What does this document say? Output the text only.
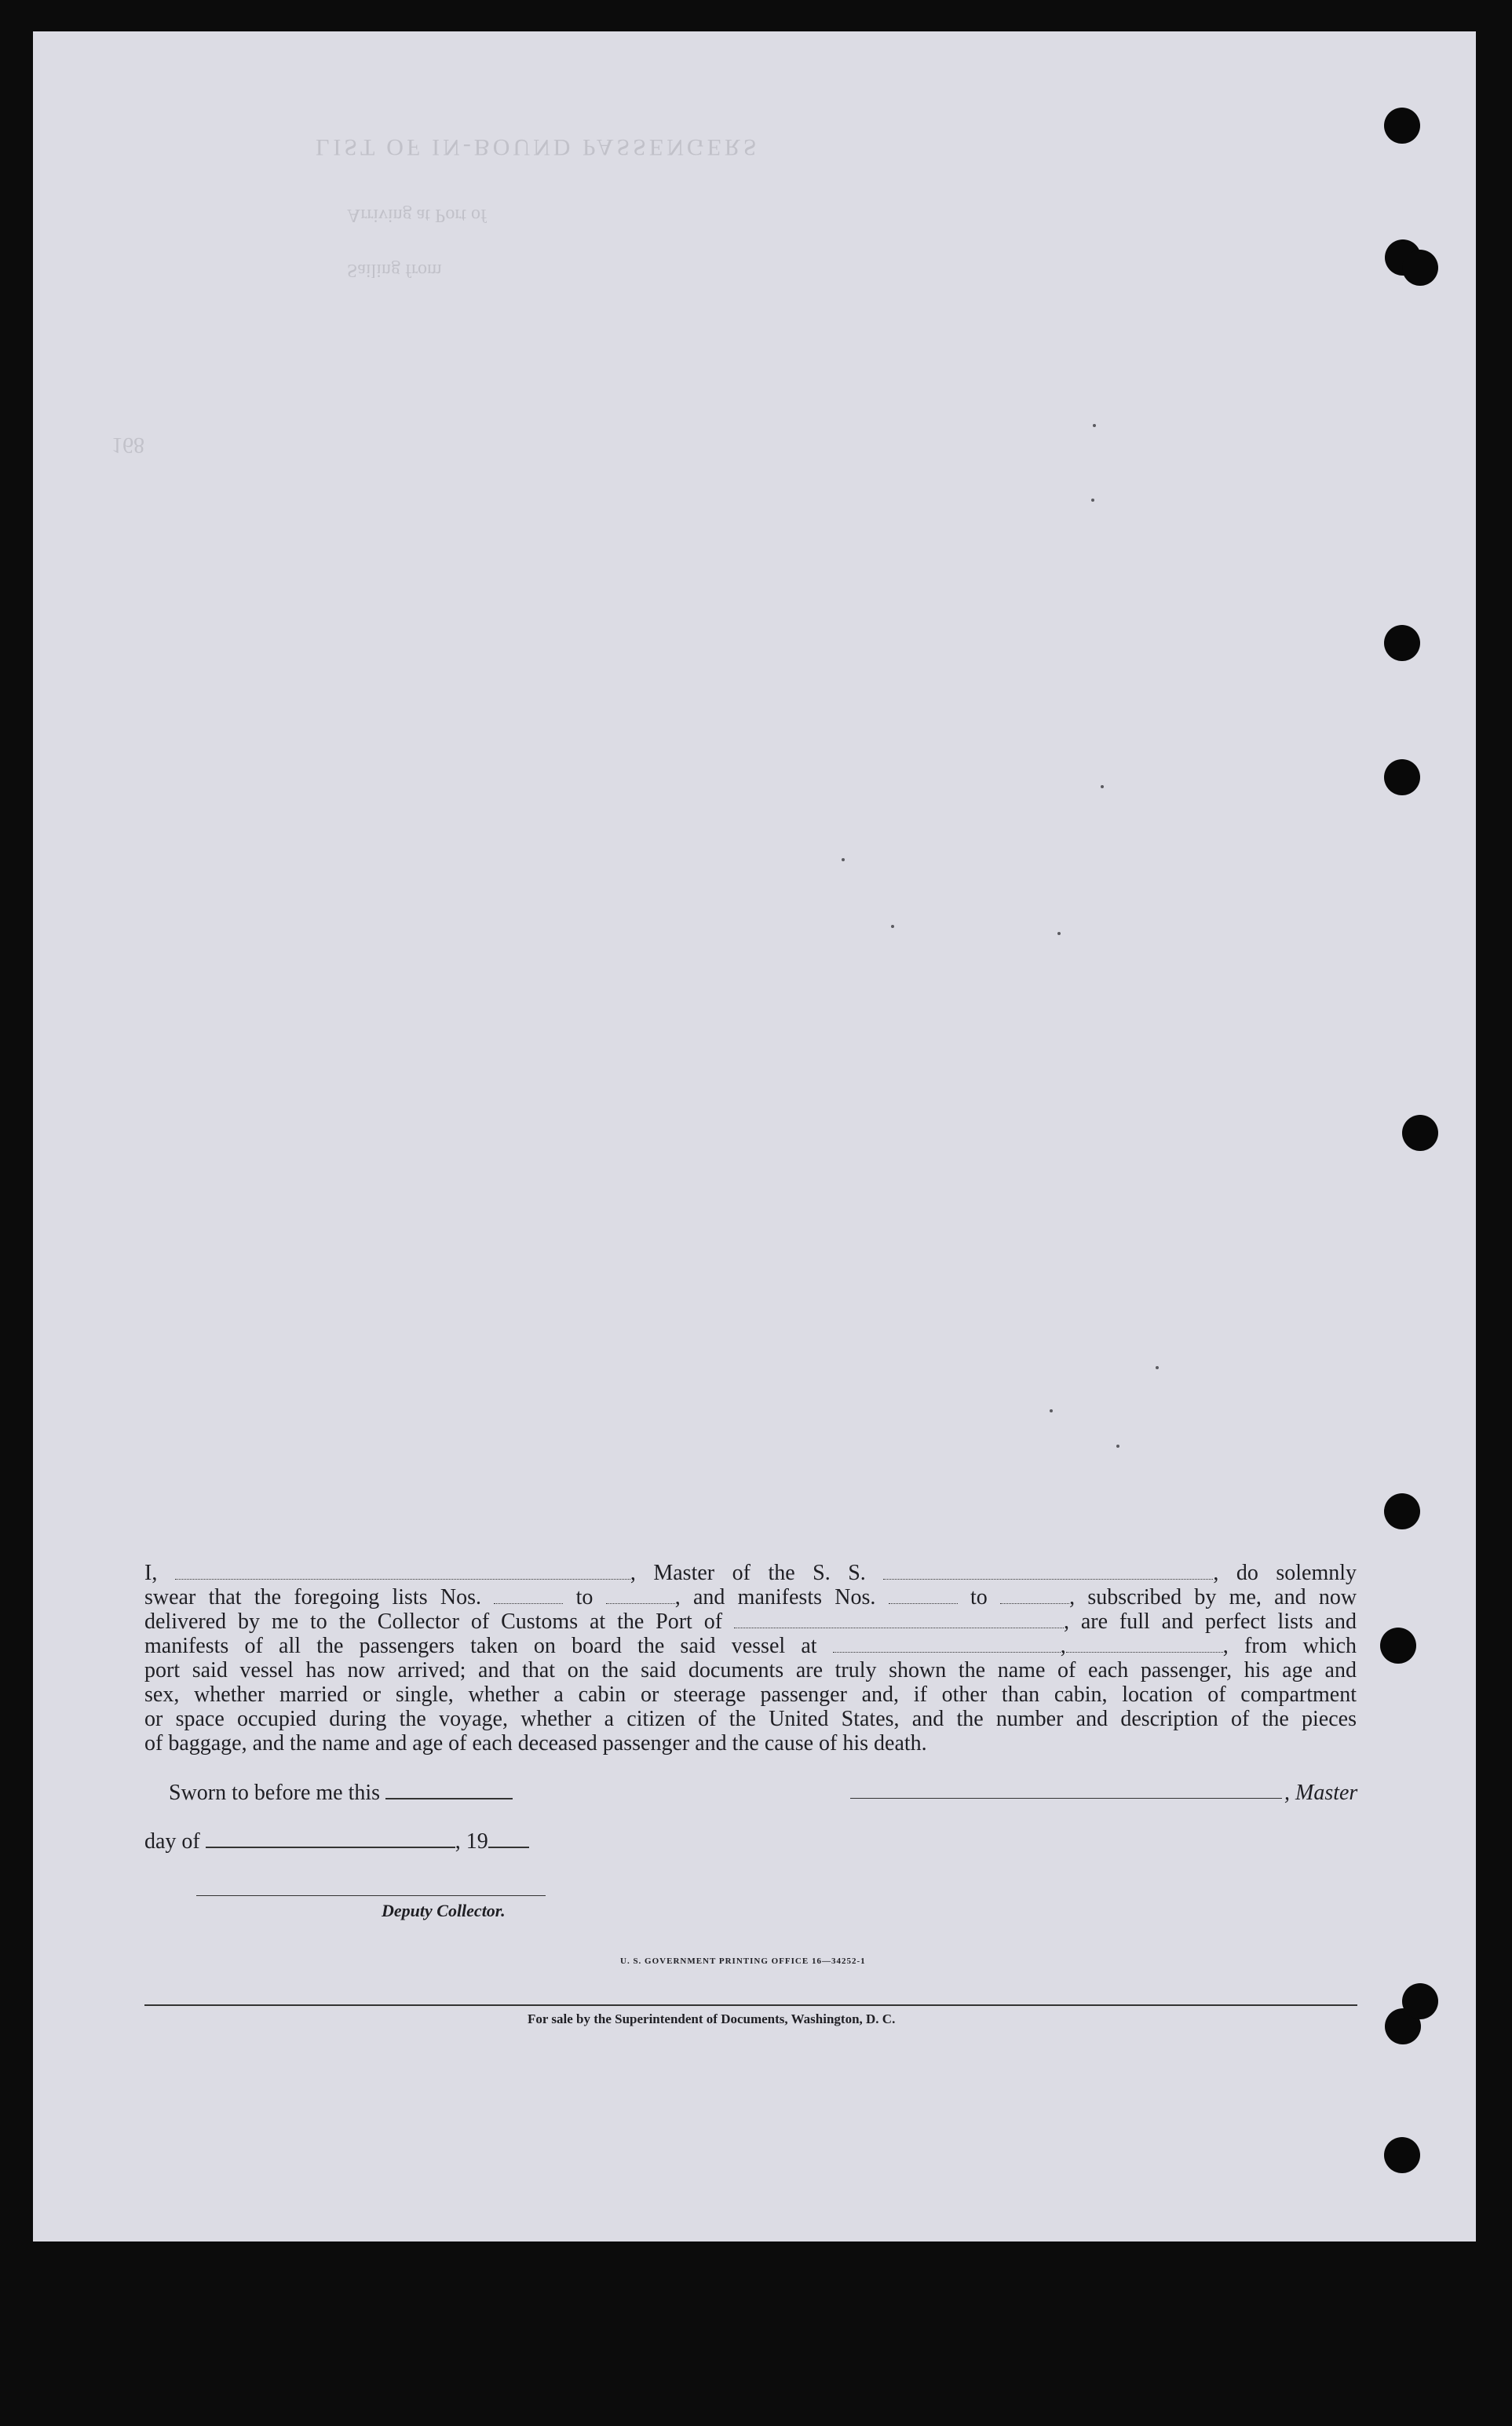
LIST OF IN-BOUND PASSENGERS
Arriving at Port of
Sailing from
168

I,	, Master of the S. S.	, do solemnly

swear that the foregoing lists Nos.	to	, and manifests Nos.	to	, subscribed by me, and now

delivered by me to the Collector of Customs at the Port of	, are full and perfect lists and

manifests of all the passengers taken on board the said vessel at	,	, from which

port said vessel has now arrived; and that on the said documents are truly shown the name of each passenger, his age and

sex, whether married or single, whether a cabin or steerage passenger and, if other than cabin, location of compartment

or space occupied during the voyage, whether a citizen of the United States, and the number and description of the pieces

of baggage, and the name and age of each deceased passenger and the cause of his death.

Sworn to before me this	, Master
day of	, 19
Deputy Collector.
U. S. GOVERNMENT PRINTING OFFICE 16—34252-1
For sale by the Superintendent of Documents, Washington, D. C.
